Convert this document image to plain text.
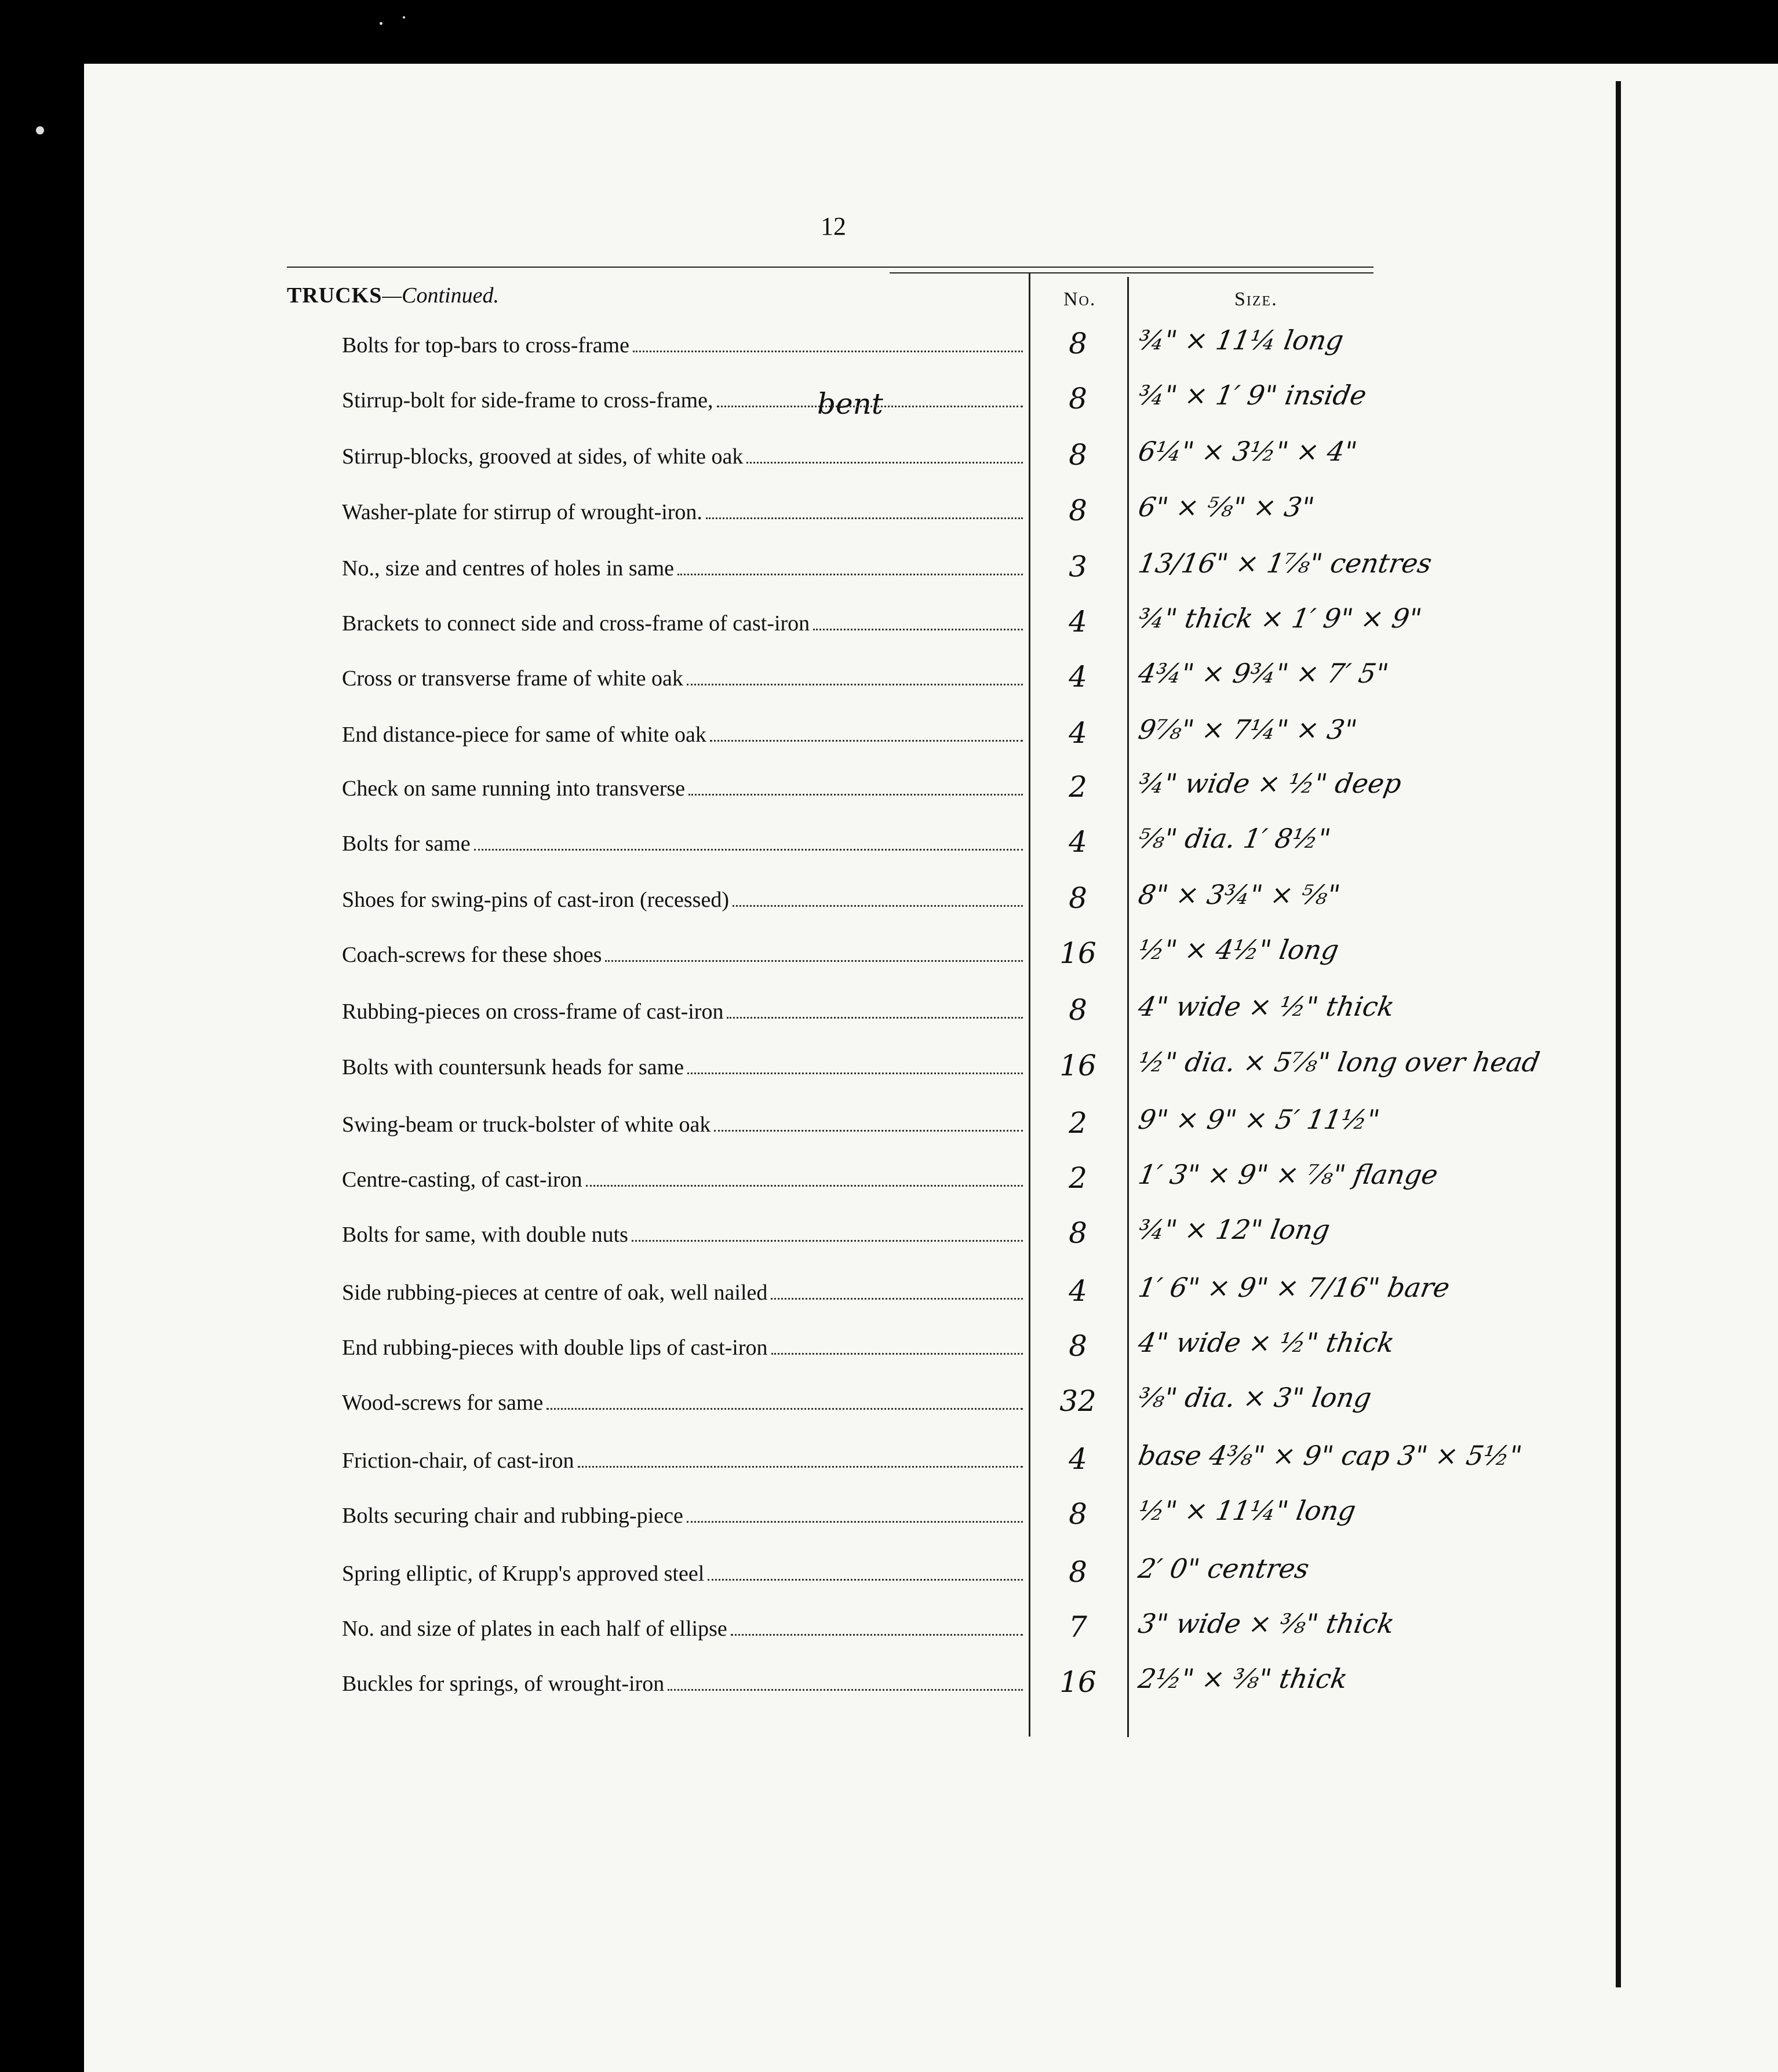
12
TRUCKS—Continued.	No.	Size.
bent
Bolts for top-bars to cross-frame	8	¾" × 11¼ long
Stirrup-bolt for side-frame to cross-frame,	8	¾" × 1′ 9" inside
Stirrup-blocks, grooved at sides, of white oak	8	6¼" × 3½" × 4"
Washer-plate for stirrup of wrought-iron.	8	6" × ⅝" × 3"
No., size and centres of holes in same	3	13/16" × 1⅞" centres
Brackets to connect side and cross-frame of cast-iron	4	¾" thick × 1′ 9" × 9"
Cross or transverse frame of white oak	4	4¾" × 9¾" × 7′ 5"
End distance-piece for same of white oak	4	9⅞" × 7¼" × 3"
Check on same running into transverse	2	¾" wide × ½" deep
Bolts for same	4	⅝" dia. 1′ 8½"
Shoes for swing-pins of cast-iron (recessed)	8	8" × 3¾" × ⅝"
Coach-screws for these shoes	16 ½" × 4½" long
Rubbing-pieces on cross-frame of cast-iron	8	4" wide × ½" thick
Bolts with countersunk heads for same	16 ½" dia. × 5⅞" long over head
Swing-beam or truck-bolster of white oak	2	9" × 9" × 5′ 11½"
Centre-casting, of cast-iron	2	1′ 3" × 9" × ⅞" flange
Bolts for same, with double nuts	8	¾" × 12" long
Side rubbing-pieces at centre of oak, well nailed	4	1′ 6" × 9" × 7/16" bare
End rubbing-pieces with double lips of cast-iron	8	4" wide × ½" thick
Wood-screws for same	32 ⅜" dia. × 3" long
Friction-chair, of cast-iron	4	base 4⅜" × 9" cap 3" × 5½"
Bolts securing chair and rubbing-piece	8	½" × 11¼" long
Spring elliptic, of Krupp's approved steel	8	2′ 0" centres
No. and size of plates in each half of ellipse	7	3" wide × ⅜" thick
Buckles for springs, of wrought-iron	16 2½" × ⅜" thick
